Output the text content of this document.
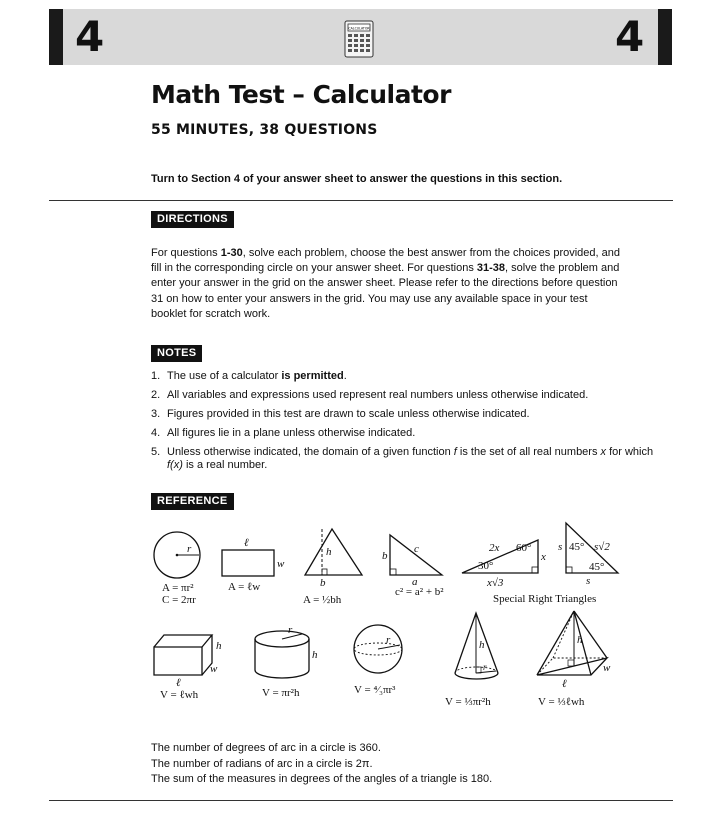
4	CALCULATOR	4
Math Test – Calculator
55 MINUTES, 38 QUESTIONS
Turn to Section 4 of your answer sheet to answer the questions in this section.
DIRECTIONS
For questions 1-30, solve each problem, choose the best answer from the choices provided, and fill in the corresponding circle on your answer sheet. For questions 31-38, solve the problem and enter your answer in the grid on the answer sheet. Please refer to the directions before question 31 on how to enter your answers in the grid. You may use any available space in your test booklet for scratch work.
NOTES
1. The use of a calculator is permitted.
2. All variables and expressions used represent real numbers unless otherwise indicated.
3. Figures provided in this test are drawn to scale unless otherwise indicated.
4. All figures lie in a plane unless otherwise indicated.
5. Unless otherwise indicated, the domain of a given function f is the set of all real numbers x for which f(x) is a real number.
REFERENCE
r
A = πr²
C = 2πr
ℓ
w
A = ℓw
h
b
A = ½bh
b
c
a
c² = a² + b²
2x 60°
30°
x
x√3
s 45° s√2
45°
s
Special Right Triangles
h
w
ℓ
V = ℓwh
r
h
V = πr²h
r
V = ⁴⁄₃πr³
h
r
V = ⅓πr²h
h
w
ℓ
V = ⅓ℓwh
The number of degrees of arc in a circle is 360.
The number of radians of arc in a circle is 2π.
The sum of the measures in degrees of the angles of a triangle is 180.
